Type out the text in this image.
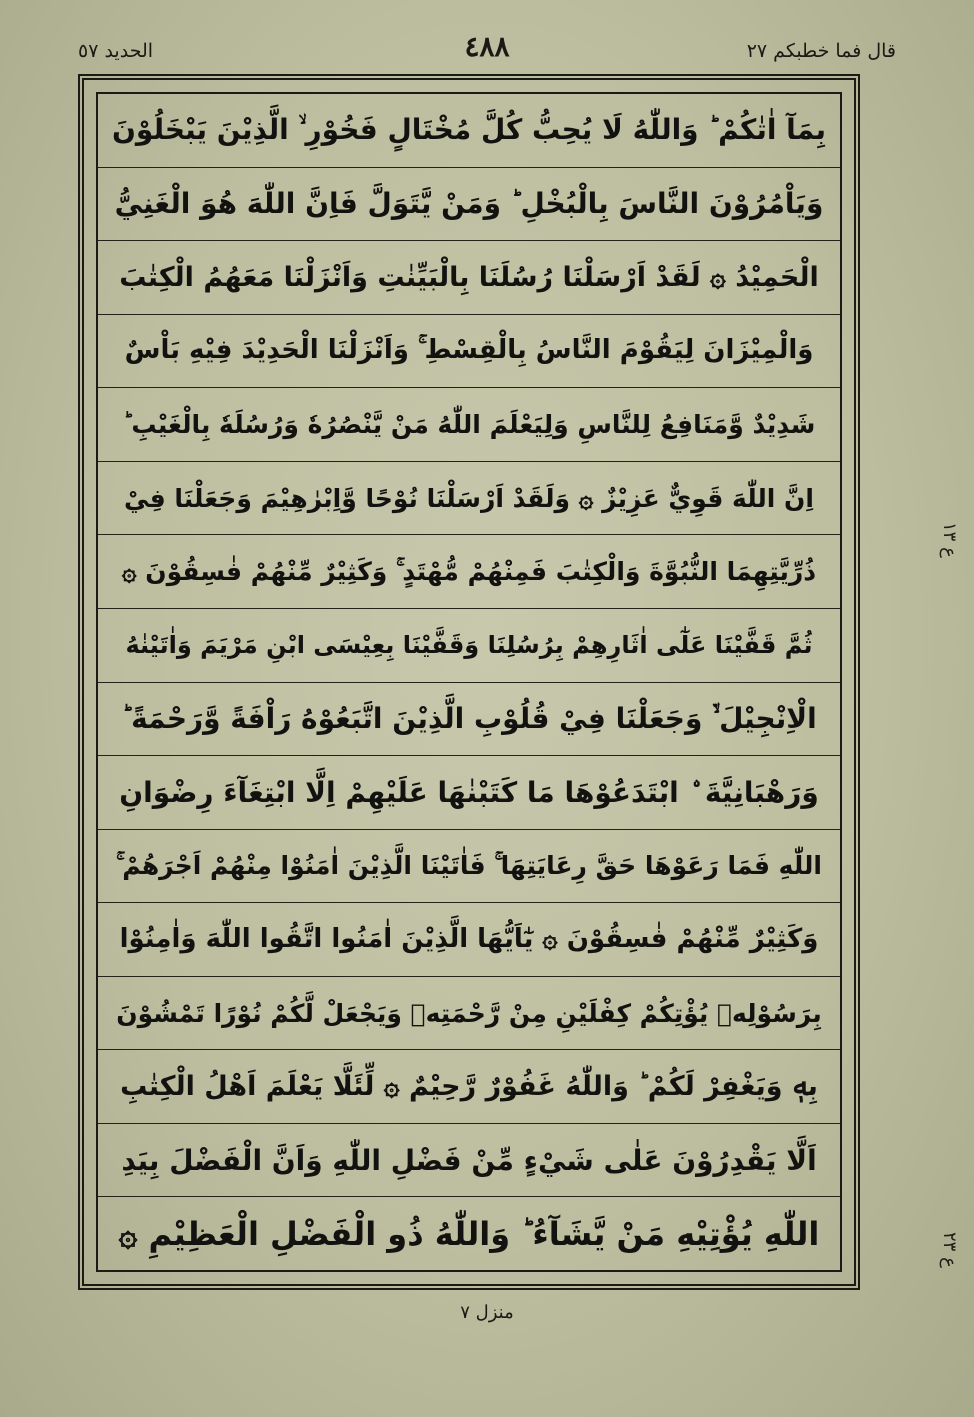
قال فما خطبكم ٢٧
٤٨٨
الحديد ٥٧
بِمَآ اٰتٰكُمْ ؕ وَاللّٰهُ لَا يُحِبُّ كُلَّ مُخْتَالٍ فَخُوْرِ ۙ الَّذِيْنَ يَبْخَلُوْنَ
وَيَاْمُرُوْنَ النَّاسَ بِالْبُخْلِ ؕ وَمَنْ يَّتَوَلَّ فَاِنَّ اللّٰهَ هُوَ الْغَنِيُّ
الْحَمِيْدُ ۞ لَقَدْ اَرْسَلْنَا رُسُلَنَا بِالْبَيِّنٰتِ وَاَنْزَلْنَا مَعَهُمُ الْكِتٰبَ
وَالْمِيْزَانَ لِيَقُوْمَ النَّاسُ بِالْقِسْطِ ۚ وَاَنْزَلْنَا الْحَدِيْدَ فِيْهِ بَاْسٌ
شَدِيْدٌ وَّمَنَافِعُ لِلنَّاسِ وَلِيَعْلَمَ اللّٰهُ مَنْ يَّنْصُرُهٗ وَرُسُلَهٗ بِالْغَيْبِ ؕ
اِنَّ اللّٰهَ قَوِيٌّ عَزِيْزٌ ۞ وَلَقَدْ اَرْسَلْنَا نُوْحًا وَّاِبْرٰهِيْمَ وَجَعَلْنَا فِيْ
ذُرِّيَّتِهِمَا النُّبُوَّةَ وَالْكِتٰبَ فَمِنْهُمْ مُّهْتَدٍ ۚ وَكَثِيْرٌ مِّنْهُمْ فٰسِقُوْنَ ۞
ثُمَّ قَفَّيْنَا عَلٰٓى اٰثَارِهِمْ بِرُسُلِنَا وَقَفَّيْنَا بِعِيْسَى ابْنِ مَرْيَمَ وَاٰتَيْنٰهُ
الْاِنْجِيْلَ ۙ۬ وَجَعَلْنَا فِيْ قُلُوْبِ الَّذِيْنَ اتَّبَعُوْهُ رَاْفَةً وَّرَحْمَةً ؕ
وَرَهْبَانِيَّةَ ۨ ابْتَدَعُوْهَا مَا كَتَبْنٰهَا عَلَيْهِمْ اِلَّا ابْتِغَآءَ رِضْوَانِ
اللّٰهِ فَمَا رَعَوْهَا حَقَّ رِعَايَتِهَا ۚ فَاٰتَيْنَا الَّذِيْنَ اٰمَنُوْا مِنْهُمْ اَجْرَهُمْ ۚ
وَكَثِيْرٌ مِّنْهُمْ فٰسِقُوْنَ ۞ يٰٓاَيُّهَا الَّذِيْنَ اٰمَنُوا اتَّقُوا اللّٰهَ وَاٰمِنُوْا
بِرَسُوْلِهٖ يُؤْتِكُمْ كِفْلَيْنِ مِنْ رَّحْمَتِهٖ وَيَجْعَلْ لَّكُمْ نُوْرًا تَمْشُوْنَ
بِهٖ وَيَغْفِرْ لَكُمْ ؕ وَاللّٰهُ غَفُوْرٌ رَّحِيْمٌ ۞ لِّئَلَّا يَعْلَمَ اَهْلُ الْكِتٰبِ
اَلَّا يَقْدِرُوْنَ عَلٰى شَيْءٍ مِّنْ فَضْلِ اللّٰهِ وَاَنَّ الْفَضْلَ بِيَدِ
اللّٰهِ يُؤْتِيْهِ مَنْ يَّشَآءُ ؕ وَاللّٰهُ ذُو الْفَضْلِ الْعَظِيْمِ ۞
ع ١٣
ع ٢٣
منزل ٧
